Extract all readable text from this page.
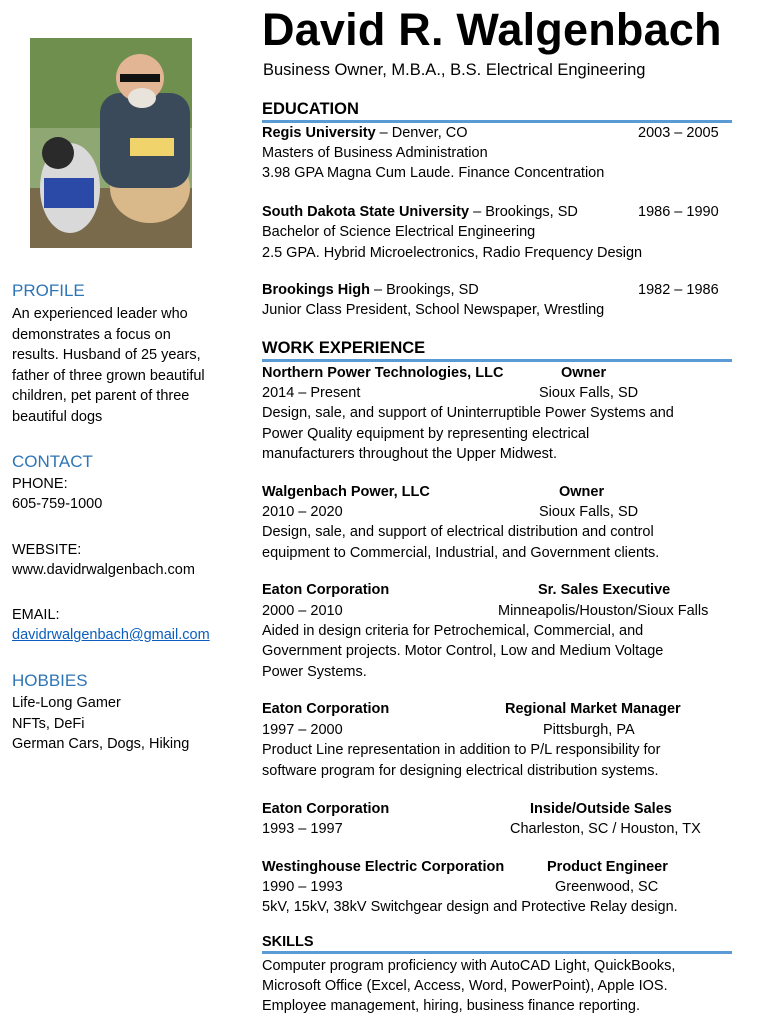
PROFILE
An experienced leader who
demonstrates a focus on
results. Husband of 25 years,
father of three grown beautiful
children, pet parent of three
beautiful dogs
CONTACT
PHONE:
605-759-1000
WEBSITE:
www.davidrwalgenbach.com
EMAIL:
davidrwalgenbach@gmail.com
HOBBIES
Life-Long Gamer
NFTs, DeFi
German Cars, Dogs, Hiking
David R. Walgenbach
Business Owner, M.B.A., B.S. Electrical Engineering
EDUCATION
Regis University – Denver, CO	2003 – 2005
Masters of Business Administration
3.98 GPA Magna Cum Laude. Finance Concentration
South Dakota State University – Brookings, SD	1986 – 1990
Bachelor of Science Electrical Engineering
2.5 GPA. Hybrid Microelectronics, Radio Frequency Design
Brookings High – Brookings, SD	1982 – 1986
Junior Class President, School Newspaper, Wrestling
WORK EXPERIENCE
Northern Power Technologies, LLC	Owner
2014 – Present	Sioux Falls, SD
Design, sale, and support of Uninterruptible Power Systems and
Power Quality equipment by representing electrical
manufacturers throughout the Upper Midwest.
Walgenbach Power, LLC	Owner
2010 – 2020	Sioux Falls, SD
Design, sale, and support of electrical distribution and control
equipment to Commercial, Industrial, and Government clients.
Eaton Corporation	Sr. Sales Executive
2000 – 2010	Minneapolis/Houston/Sioux Falls
Aided in design criteria for Petrochemical, Commercial, and
Government projects. Motor Control, Low and Medium Voltage
Power Systems.
Eaton Corporation	Regional Market Manager
1997 – 2000	Pittsburgh, PA
Product Line representation in addition to P/L responsibility for
software program for designing electrical distribution systems.
Eaton Corporation	Inside/Outside Sales
1993 – 1997	Charleston, SC / Houston, TX
Westinghouse Electric Corporation	Product Engineer
1990 – 1993	Greenwood, SC
5kV, 15kV, 38kV Switchgear design and Protective Relay design.
SKILLS
Computer program proficiency with AutoCAD Light, QuickBooks,
Microsoft Office (Excel, Access, Word, PowerPoint), Apple IOS.
Employee management, hiring, business finance reporting.
